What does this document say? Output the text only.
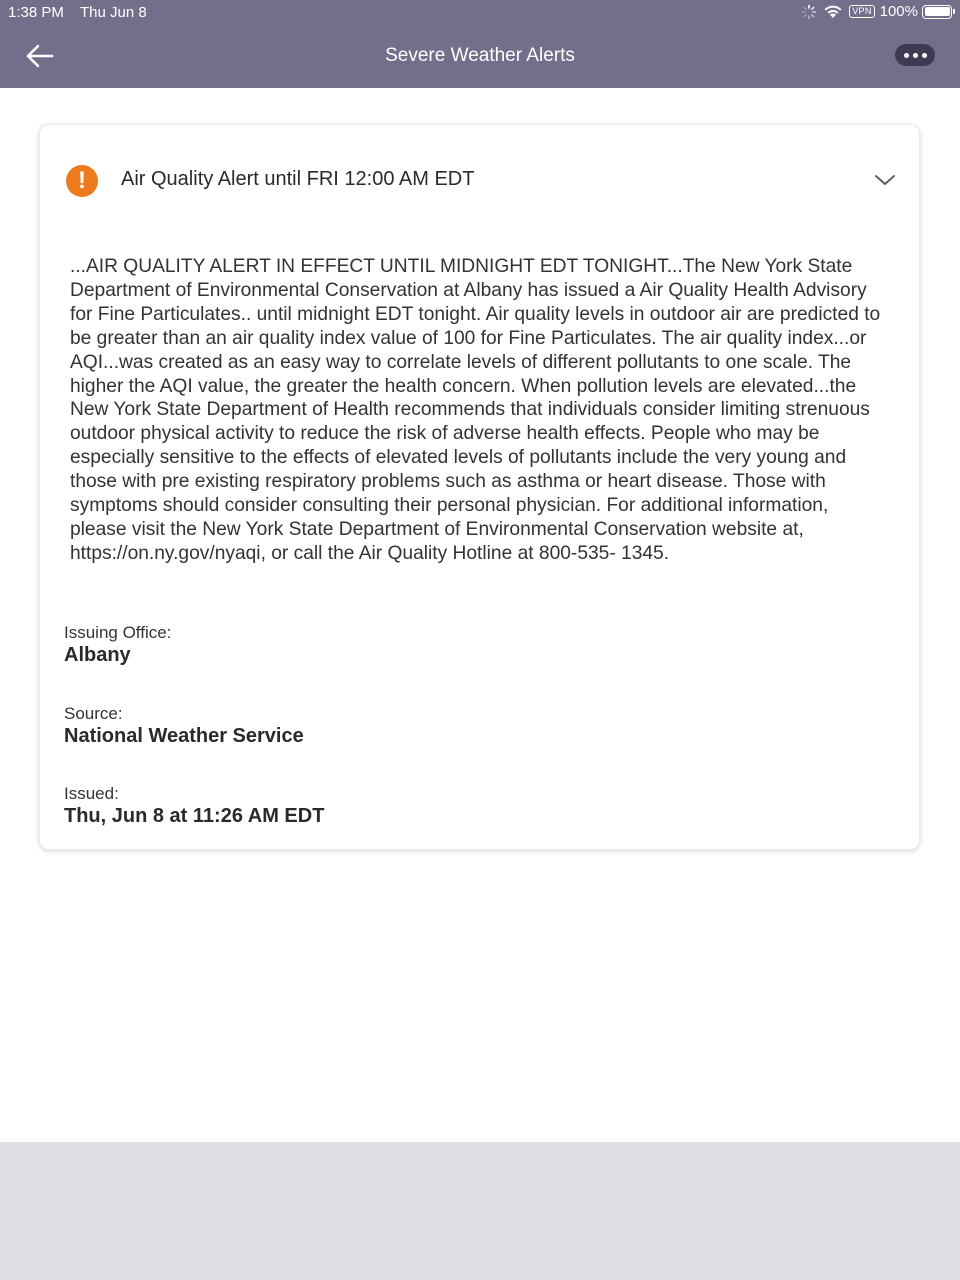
1:38 PM Thu Jun 8	VPN 100%
Severe Weather Alerts
!	Air Quality Alert until FRI 12:00 AM EDT
...AIR QUALITY ALERT IN EFFECT UNTIL MIDNIGHT EDT TONIGHT...The New York State Department of Environmental Conservation at Albany has issued a Air Quality Health Advisory for Fine Particulates.. until midnight EDT tonight. Air quality levels in outdoor air are predicted to be greater than an air quality index value of 100 for Fine Particulates. The air quality index...or AQI...was created as an easy way to correlate levels of different pollutants to one scale. The higher the AQI value, the greater the health concern. When pollution levels are elevated...the New York State Department of Health recommends that individuals consider limiting strenuous outdoor physical activity to reduce the risk of adverse health effects. People who may be especially sensitive to the effects of elevated levels of pollutants include the very young and those with pre existing respiratory problems such as asthma or heart disease. Those with symptoms should consider consulting their personal physician. For additional information, please visit the New York State Department of Environmental Conservation website at, https://on.ny.gov/nyaqi, or call the Air Quality Hotline at 800-535- 1345.
Issuing Office:
Albany
Source:
National Weather Service
Issued:
Thu, Jun 8 at 11:26 AM EDT
